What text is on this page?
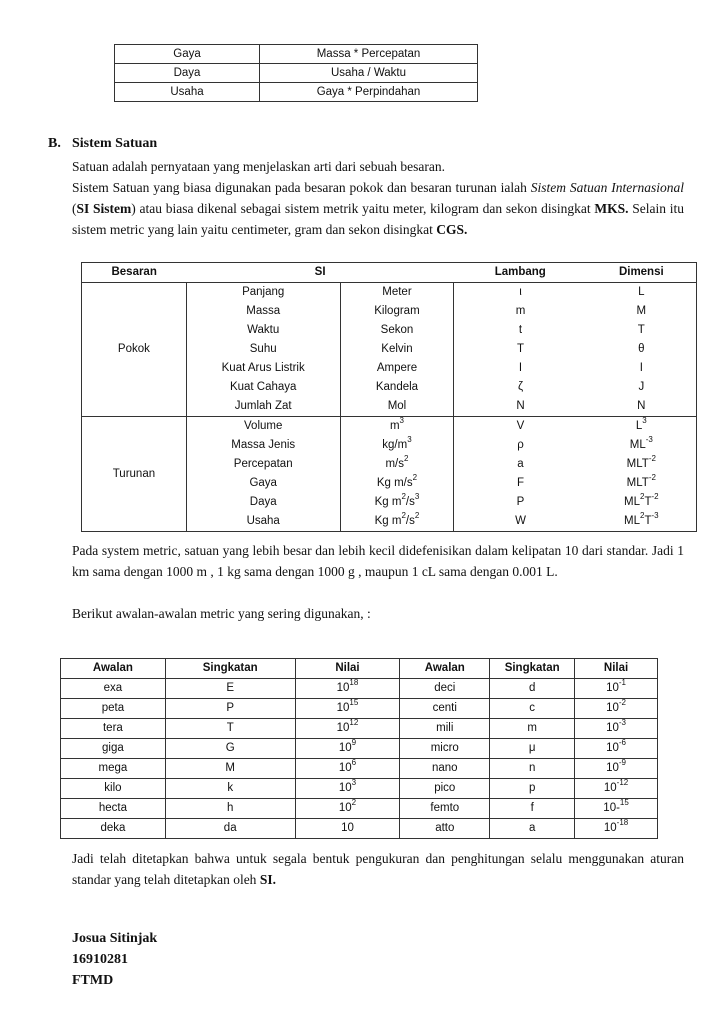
Gaya	Massa * Percepatan
Daya	Usaha / Waktu
Usaha	Gaya * Perpindahan
B. Sistem Satuan
Satuan adalah pernyataan yang menjelaskan arti dari sebuah besaran.
Sistem Satuan yang biasa digunakan pada besaran pokok dan besaran turunan ialah Sistem Satuan Internasional (SI Sistem) atau biasa dikenal sebagai sistem metrik yaitu meter, kilogram dan sekon disingkat MKS. Selain itu sistem metric yang lain yaitu centimeter, gram dan sekon disingkat CGS.
Besaran	SI		Lambang	Dimensi
Pokok	Panjang	Meter	ι	L
	Massa	Kilogram	m	M
	Waktu	Sekon	t	T
	Suhu	Kelvin	T	θ
	Kuat Arus Listrik	Ampere	I	I
	Kuat Cahaya	Kandela	ζ	J
	Jumlah Zat	Mol	N	N
Turunan	Volume	$m^3$	V	$L^3$
	Massa Jenis	$kg/m^3$	ρ	$ML^{-3}$
	Percepatan	$m/s^2$	a	$MLT^{-2}$
	Gaya	Kg $m/s^2$	F	$MLT^{-2}$
	Daya	Kg $m^2/s^3$	P	$ML^2T^{-2}$
	Usaha	Kg $m^2/s^2$	W	$ML^2T^{-3}$
Pada system metric, satuan yang lebih besar dan lebih kecil didefenisikan dalam kelipatan 10 dari standar. Jadi 1 km sama dengan 1000 m , 1 kg sama dengan 1000 g , maupun 1 cL sama dengan 0.001 L.
Berikut awalan-awalan metric yang sering digunakan, :
Awalan	Singkatan	Nilai	Awalan	Singkatan	Nilai
exa	E	$10^{18}$	deci	d	$10^{-1}$
peta	P	$10^{15}$	centi	c	$10^{-2}$
tera	T	$10^{12}$	mili	m	$10^{-3}$
giga	G	$10^9$	micro	μ	$10^{-6}$
mega	M	$10^6$	nano	n	$10^{-9}$
kilo	k	$10^3$	pico	p	$10^{-12}$
hecta	h	$10^2$	femto	f	10-$^{15}$
deka	da	10	atto	a	$10^{-18}$
Jadi telah ditetapkan bahwa untuk segala bentuk pengukuran dan penghitungan selalu menggunakan aturan standar yang telah ditetapkan oleh SI.
Josua Sitinjak
16910281
FTMD
